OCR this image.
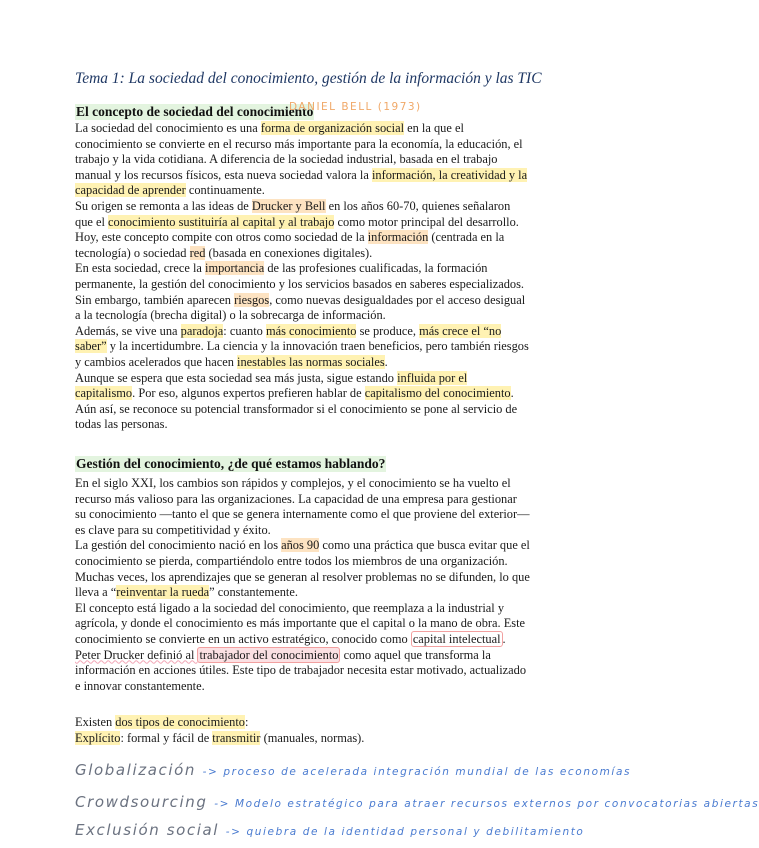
Tema 1: La sociedad del conocimiento, gestión de la información y las TIC
El concepto de sociedad del conocimiento
DANIEL BELL (1973)

La sociedad del conocimiento es una forma de organización social en la que el conocimiento se convierte en el recurso más importante para la economía, la educación, el trabajo y la vida cotidiana. A diferencia de la sociedad industrial, basada en el trabajo manual y los recursos físicos, esta nueva sociedad valora la información, la creatividad y la capacidad de aprender continuamente.

Su origen se remonta a las ideas de Drucker y Bell en los años 60-70, quienes señalaron que el conocimiento sustituiría al capital y al trabajo como motor principal del desarrollo. Hoy, este concepto compite con otros como sociedad de la información (centrada en la tecnología) o sociedad red (basada en conexiones digitales).

En esta sociedad, crece la importancia de las profesiones cualificadas, la formación permanente, la gestión del conocimiento y los servicios basados en saberes especializados. Sin embargo, también aparecen riesgos, como nuevas desigualdades por el acceso desigual a la tecnología (brecha digital) o la sobrecarga de información.

Además, se vive una paradoja: cuanto más conocimiento se produce, más crece el “no saber” y la incertidumbre. La ciencia y la innovación traen beneficios, pero también riesgos y cambios acelerados que hacen inestables las normas sociales.

Aunque se espera que esta sociedad sea más justa, sigue estando influida por el capitalismo. Por eso, algunos expertos prefieren hablar de capitalismo del conocimiento. Aún así, se reconoce su potencial transformador si el conocimiento se pone al servicio de todas las personas.

Gestión del conocimiento, ¿de qué estamos hablando?

En el siglo XXI, los cambios son rápidos y complejos, y el conocimiento se ha vuelto el recurso más valioso para las organizaciones. La capacidad de una empresa para gestionar su conocimiento —tanto el que se genera internamente como el que proviene del exterior— es clave para su competitividad y éxito.

La gestión del conocimiento nació en los años 90 como una práctica que busca evitar que el conocimiento se pierda, compartiéndolo entre todos los miembros de una organización. Muchas veces, los aprendizajes que se generan al resolver problemas no se difunden, lo que lleva a “reinventar la rueda” constantemente.

El concepto está ligado a la sociedad del conocimiento, que reemplaza a la industrial y agrícola, y donde el conocimiento es más importante que el capital o la mano de obra. Este conocimiento se convierte en un activo estratégico, conocido como capital intelectual .

Peter Drucker definió al trabajador del conocimiento como aquel que transforma la información en acciones útiles. Este tipo de trabajador necesita estar motivado, actualizado e innovar constantemente.

Existen dos tipos de conocimiento:
Explícito: formal y fácil de transmitir (manuales, normas).
Globalización -> proceso de acelerada integración mundial de las economías
Crowdsourcing -> Modelo estratégico para atraer recursos externos por convocatorias abiertas
Exclusión social -> quiebra de la identidad personal y debilitamiento
